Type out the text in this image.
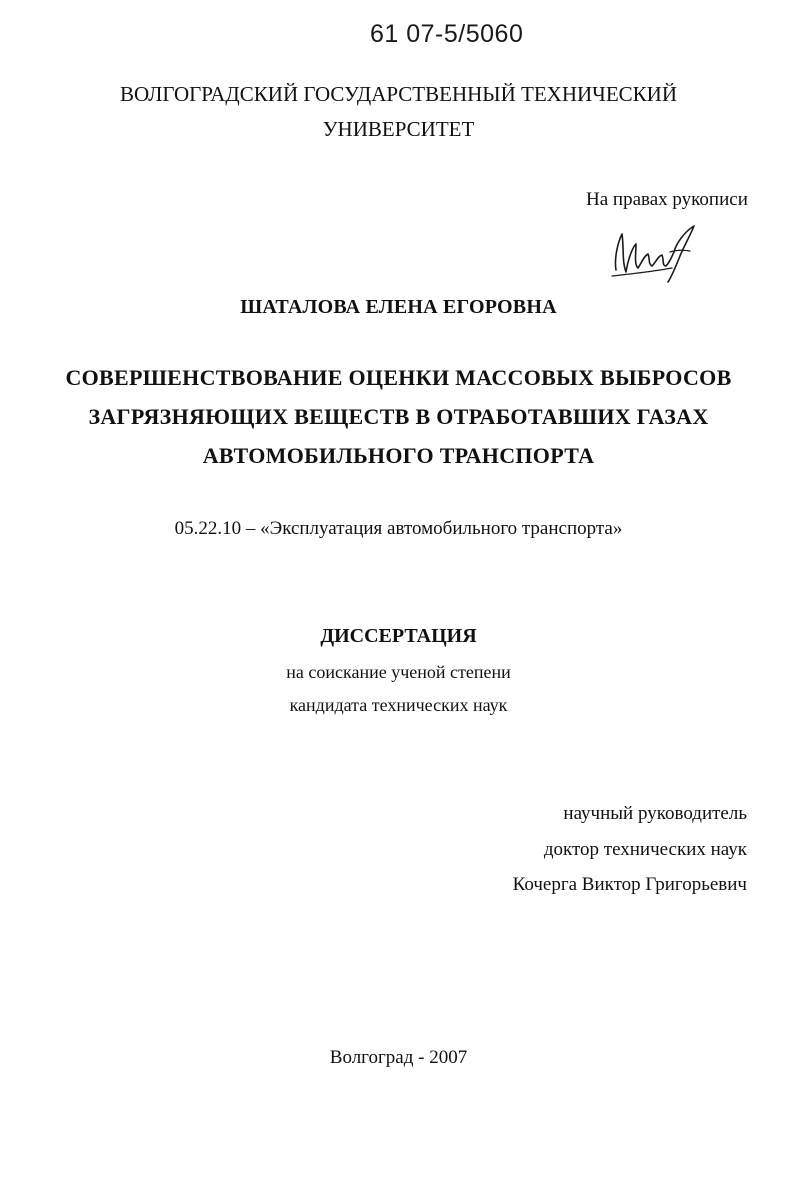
61 07-5/5060
ВОЛГОГРАДСКИЙ ГОСУДАРСТВЕННЫЙ ТЕХНИЧЕСКИЙ
УНИВЕРСИТЕТ
На правах рукописи
ШАТАЛОВА ЕЛЕНА ЕГОРОВНА
СОВЕРШЕНСТВОВАНИЕ ОЦЕНКИ МАССОВЫХ ВЫБРОСОВ
ЗАГРЯЗНЯЮЩИХ ВЕЩЕСТВ В ОТРАБОТАВШИХ ГАЗАХ
АВТОМОБИЛЬНОГО ТРАНСПОРТА
05.22.10 – «Эксплуатация автомобильного транспорта»
ДИССЕРТАЦИЯ
на соискание ученой степени
кандидата технических наук
научный руководитель
доктор технических наук
Кочерга Виктор Григорьевич
Волгоград - 2007
